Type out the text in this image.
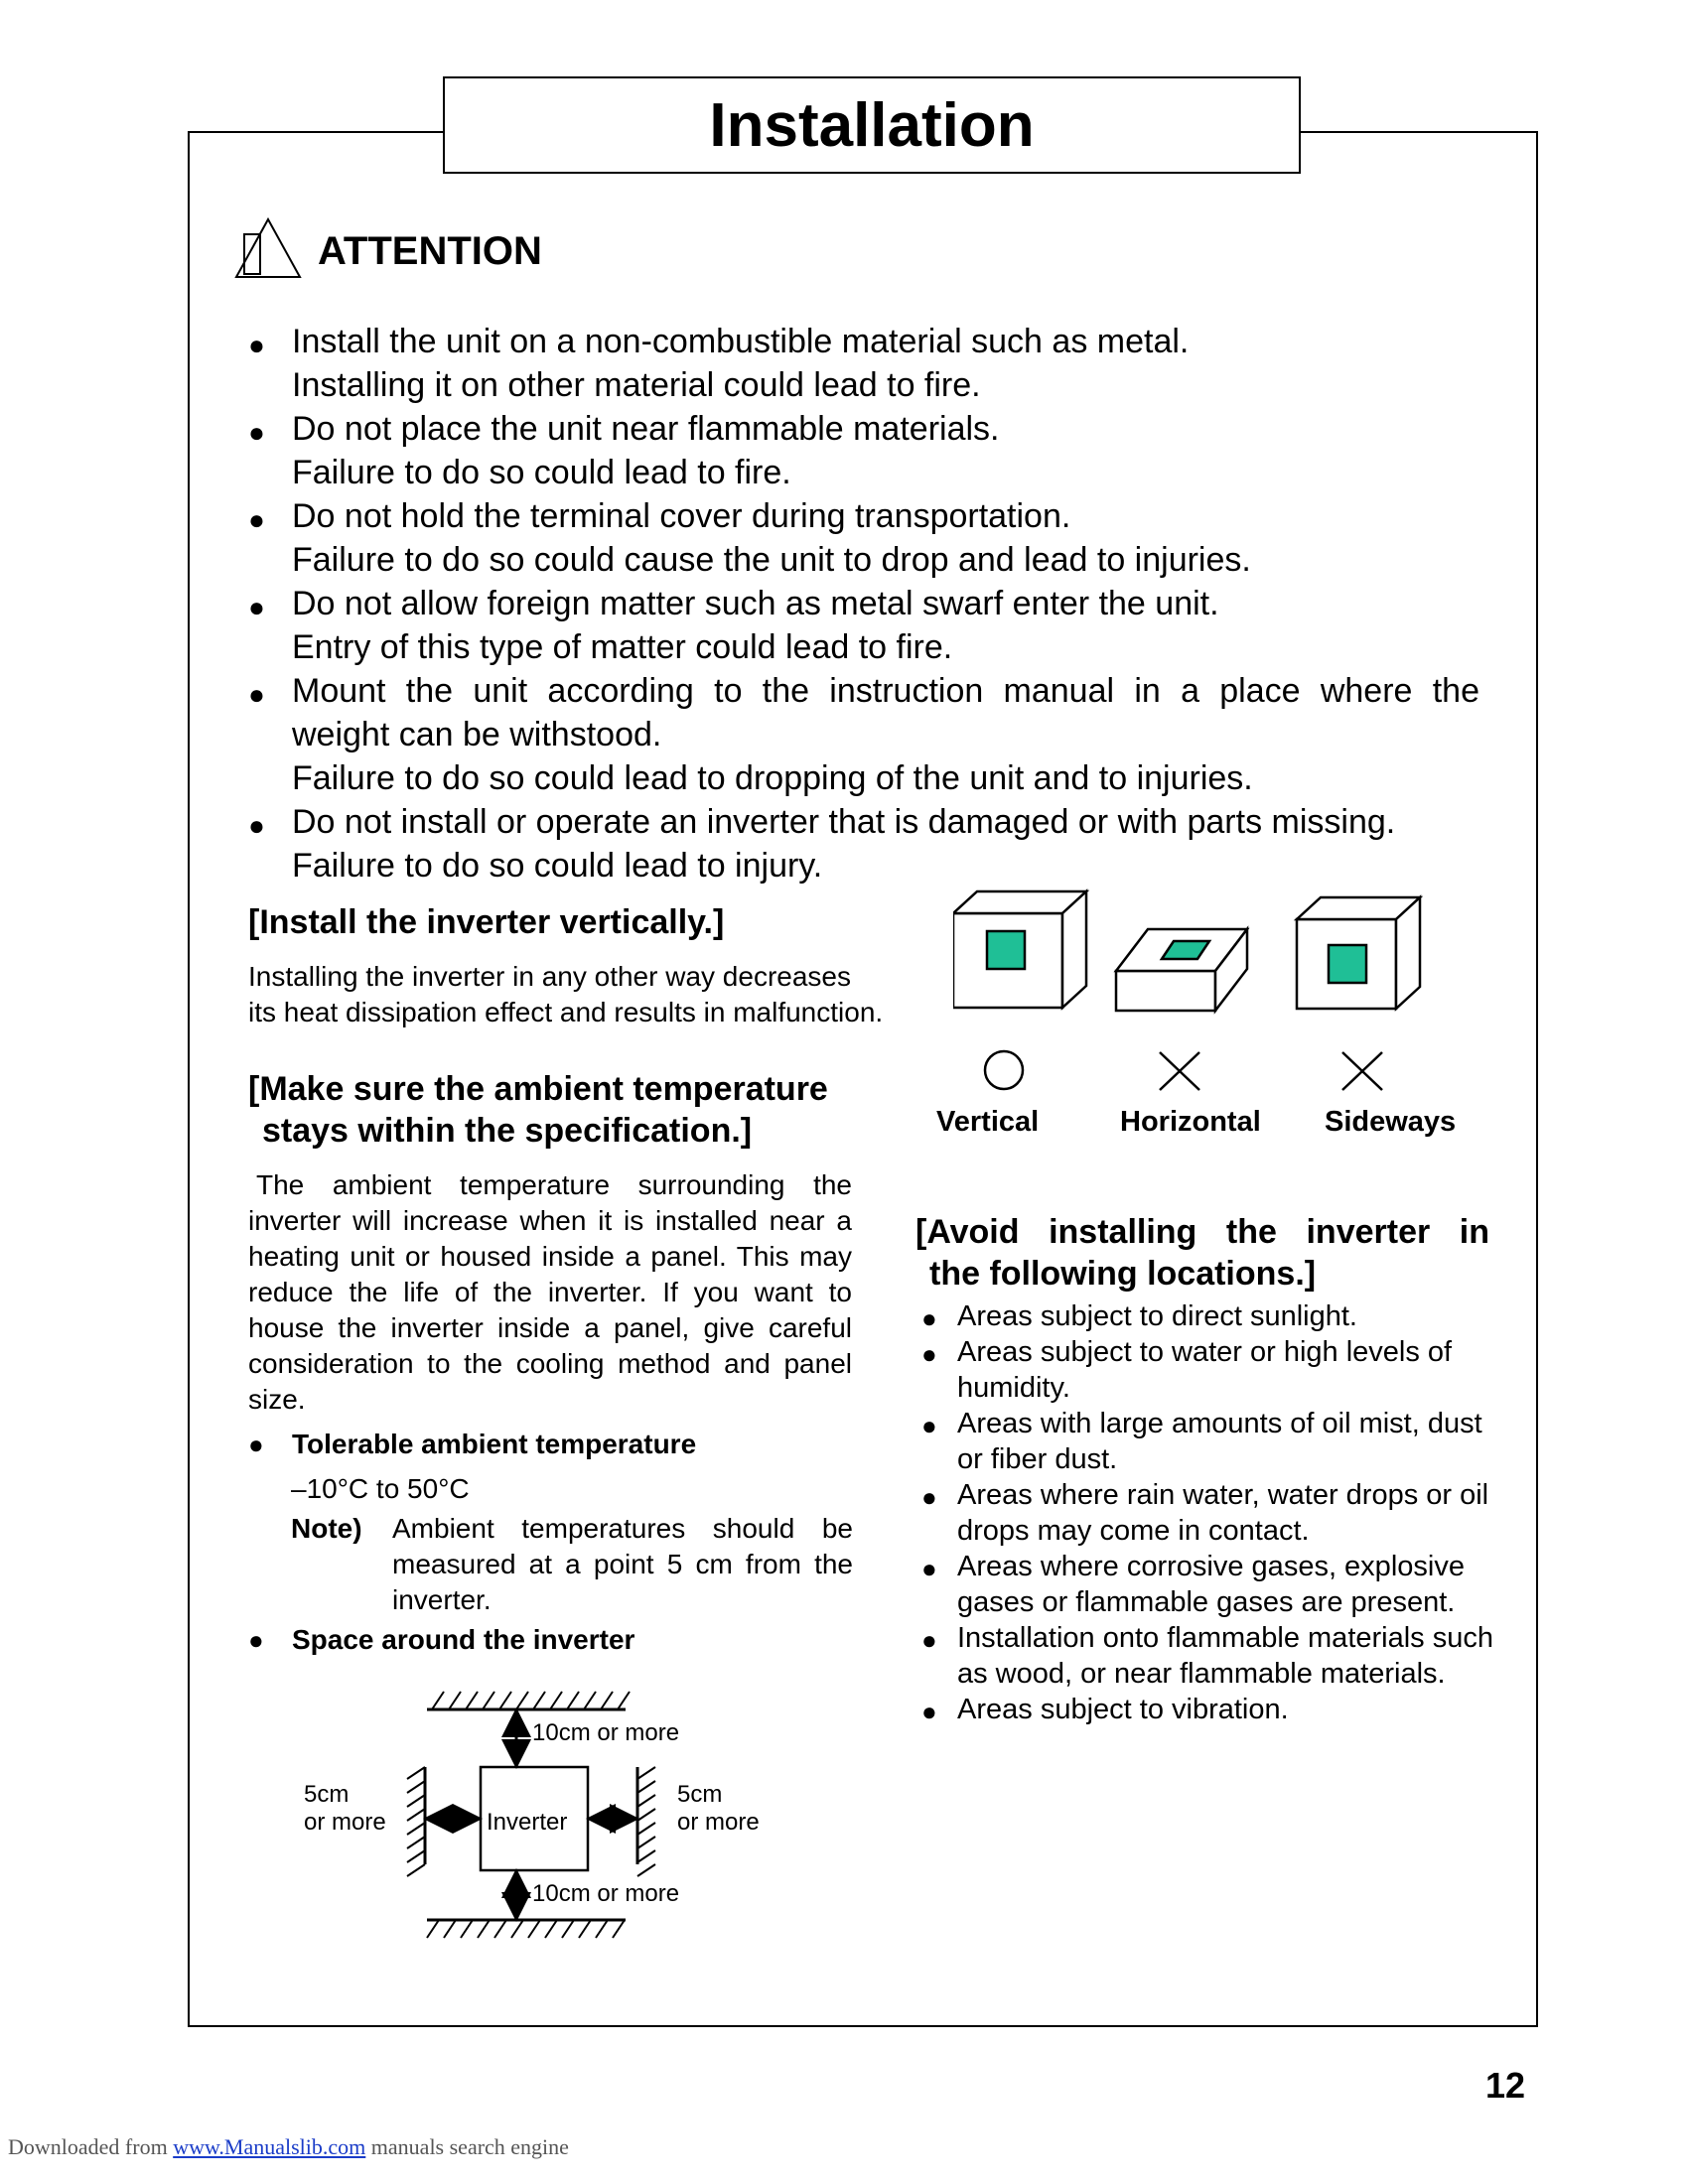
Installation
ATTENTION
● Install the unit on a non-combustible material such as metal.
Installing it on other material could lead to fire.
● Do not place the unit near flammable materials.
Failure to do so could lead to fire.
● Do not hold the terminal cover during transportation.
Failure to do so could cause the unit to drop and lead to injuries.
● Do not allow foreign matter such as metal swarf enter the unit.
Entry of this type of matter could lead to fire.
● Mount the unit according to the instruction manual in a place where the
weight can be withstood.
Failure to do so could lead to dropping of the unit and to injuries.
● Do not install or operate an inverter that is damaged or with parts missing.
Failure to do so could lead to injury.
[Install the inverter vertically.]
Installing the inverter in any other way decreases
its heat dissipation effect and results in malfunction.
Vertical	Horizontal Sideways
[Make sure the ambient temperature
stays within the specification.]
The ambient temperature surrounding the inverter will increase when it is installed near a heating unit or housed inside a panel. This may reduce the life of the inverter. If you want to house the inverter inside a panel, give careful consideration to the cooling method and panel size.
● Tolerable ambient temperature
–10°C to 50°C
Note)	Ambient temperatures should be measured at a point 5 cm from the inverter.
● Space around the inverter
Inverter
10cm or more
10cm or more
5cm
or more
5cm
or more
[Avoid installing the inverter in
the following locations.]
● Areas subject to direct sunlight.
● Areas subject to water or high levels of humidity.
● Areas with large amounts of oil mist, dust or fiber dust.
● Areas where rain water, water drops or oil drops may come in contact.
● Areas where corrosive gases, explosive gases or flammable gases are present.
● Installation onto flammable materials such as wood, or near flammable materials.
● Areas subject to vibration.
12
Downloaded from www.Manualslib.com manuals search engine
